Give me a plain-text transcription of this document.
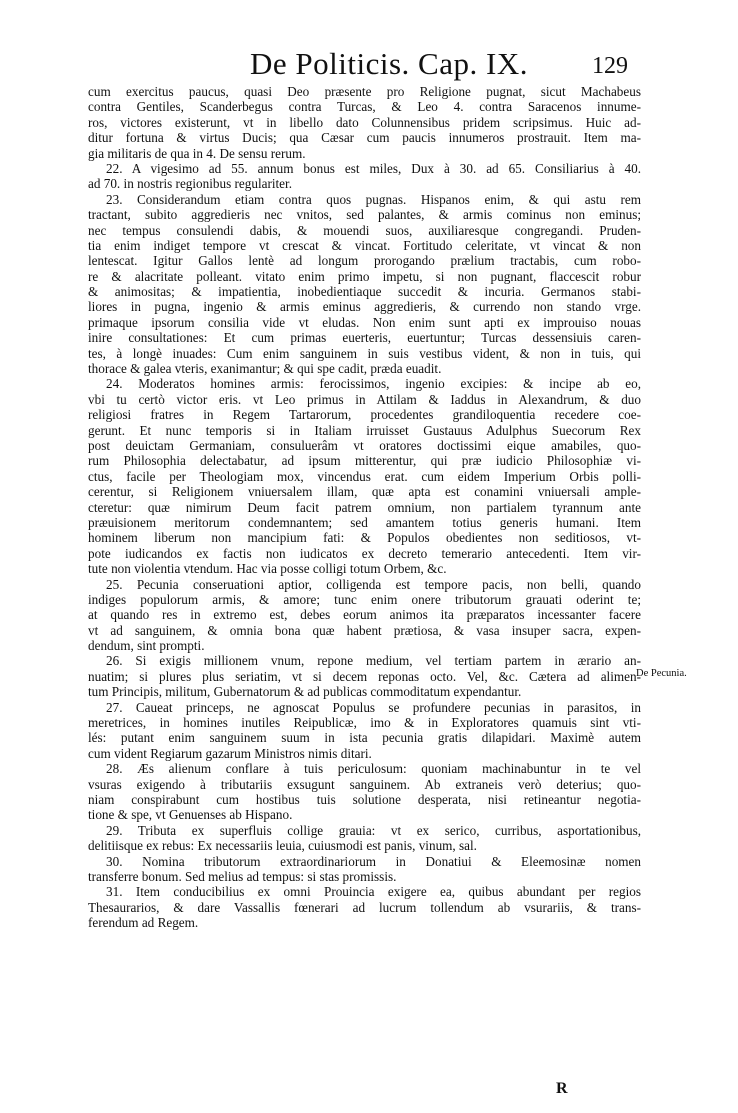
De Politicis. Cap. IX.	129
cum exercitus paucus, quasi Deo præsente pro Religione pugnat, sicut Machabeus
contra Gentiles, Scanderbegus contra Turcas, & Leo 4. contra Saracenos innume-
ros, victores existerunt, vt in libello dato Colunnensibus pridem scripsimus. Huic ad-
ditur fortuna & virtus Ducis; qua Cæsar cum paucis innumeros prostrauit. Item ma-
gia militaris de qua in 4. De sensu rerum.
22. A vigesimo ad 55. annum bonus est miles, Dux à 30. ad 65. Consiliarius à 40.
ad 70. in nostris regionibus regulariter.
23. Considerandum etiam contra quos pugnas. Hispanos enim, & qui astu rem
tractant, subito aggredieris nec vnitos, sed palantes, & armis cominus non eminus;
nec tempus consulendi dabis, & mouendi suos, auxiliaresque congregandi. Pruden-
tia enim indiget tempore vt crescat & vincat. Fortitudo celeritate, vt vincat & non
lentescat. Igitur Gallos lentè ad longum prorogando prælium tractabis, cum robo-
re & alacritate polleant. vitato enim primo impetu, si non pugnant, flaccescit robur
& animositas; & impatientia, inobedientiaque succedit & incuria. Germanos stabi-
liores in pugna, ingenio & armis eminus aggredieris, & currendo non stando vrge.
primaque ipsorum consilia vide vt eludas. Non enim sunt apti ex improuiso nouas
inire consultationes: Et cum primas euerteris, euertuntur; Turcas dessensiuis caren-
tes, à longè inuades: Cum enim sanguinem in suis vestibus vident, & non in tuis, qui
thorace & galea vteris, exanimantur; & qui spe cadit, præda euadit.
24. Moderatos homines armis: ferocissimos, ingenio excipies: & incipe ab eo,
vbi tu certò victor eris. vt Leo primus in Attilam & Iaddus in Alexandrum, & duo
religiosi fratres in Regem Tartarorum, procedentes grandiloquentia recedere coe-
gerunt. Et nunc temporis si in Italiam irruisset Gustauus Adulphus Suecorum Rex
post deuictam Germaniam, consuluerâm vt oratores doctissimi eique amabiles, quo-
rum Philosophia delectabatur, ad ipsum mitterentur, qui præ iudicio Philosophiæ vi-
ctus, facile per Theologiam mox, vincendus erat. cum eidem Imperium Orbis polli-
cerentur, si Religionem vniuersalem illam, quæ apta est conamini vniuersali ample-
cteretur: quæ nimirum Deum facit patrem omnium, non partialem tyrannum ante
præuisionem meritorum condemnantem; sed amantem totius generis humani. Item
hominem liberum non mancipium fati: & Populos obedientes non seditiosos, vt-
pote iudicandos ex factis non iudicatos ex decreto temerario antecedenti. Item vir-
tute non violentia vtendum. Hac via posse colligi totum Orbem, &c.
25. Pecunia conseruationi aptior, colligenda est tempore pacis, non belli, quando
indiges populorum armis, & amore; tunc enim onere tributorum grauati oderint te;
at quando res in extremo est, debes eorum animos ita præparatos incessanter facere
vt ad sanguinem, & omnia bona quæ habent prætiosa, & vasa insuper sacra, expen-
dendum, sint prompti.
26. Si exigis millionem vnum, repone medium, vel tertiam partem in ærario an-
nuatim; si plures plus seriatim, vt si decem reponas octo. Vel, &c. Cætera ad alimen-
tum Principis, militum, Gubernatorum & ad publicas commoditatum expendantur.
27. Caueat princeps, ne agnoscat Populus se profundere pecunias in parasitos, in
meretrices, in homines inutiles Reipublicæ, imo & in Exploratores quamuis sint vti-
lés: putant enim sanguinem suum in ista pecunia gratis dilapidari. Maximè autem
cum vident Regiarum gazarum Ministros nimis ditari.
28. Æs alienum conflare à tuis periculosum: quoniam machinabuntur in te vel
vsuras exigendo à tributariis exsugunt sanguinem. Ab extraneis verò deterius; quo-
niam conspirabunt cum hostibus tuis solutione desperata, nisi retineantur negotia-
tione & spe, vt Genuenses ab Hispano.
29. Tributa ex superfluis collige grauia: vt ex serico, curribus, asportationibus,
delitiisque ex rebus: Ex necessariis leuia, cuiusmodi est panis, vinum, sal.
30. Nomina tributorum extraordinariorum in Donatiui & Eleemosinæ nomen
transferre bonum. Sed melius ad tempus: si stas promissis.
31. Item conducibilius ex omni Prouincia exigere ea, quibus abundant per regios
Thesaurarios, & dare Vassallis fœnerari ad lucrum tollendum ab vsurariis, & trans-
ferendum ad Regem.
De Pecunia.
R
